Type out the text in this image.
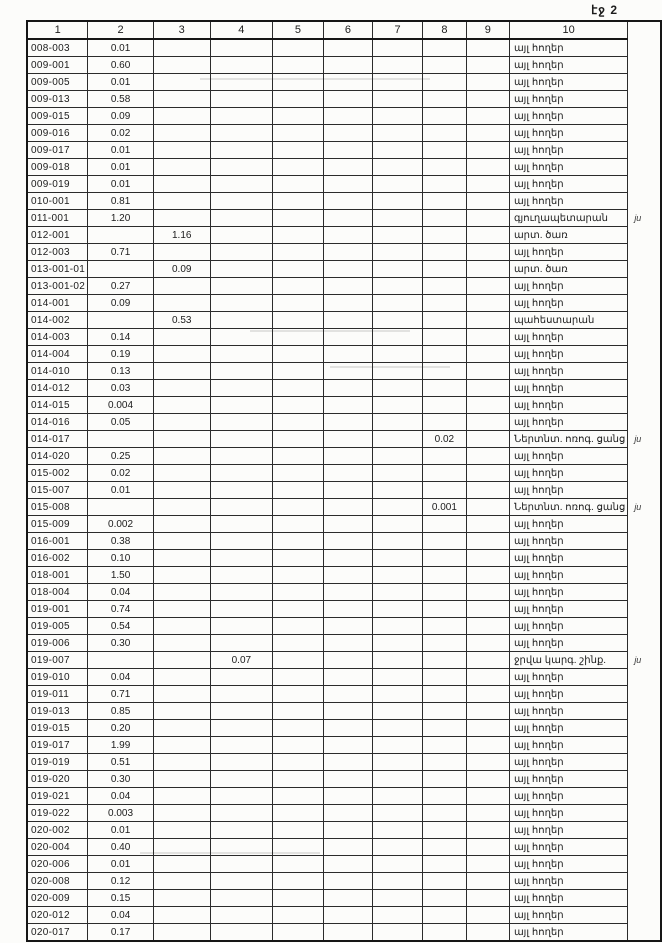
էջ 2
1	2	3	4	5	6	7	8	9	10	
008-003	0.01								այլ հողեր	
009-001	0.60								այլ հողեր	
009-005	0.01								այլ հողեր	
009-013	0.58								այլ հողեր	
009-015	0.09								այլ հողեր	
009-016	0.02								այլ հողեր	
009-017	0.01								այլ հողեր	
009-018	0.01								այլ հողեր	
009-019	0.01								այլ հողեր	
010-001	0.81								այլ հողեր	
011-001	1.20								գյուղապետարան	ju
012-001		1.16							արտ. ծառ	
012-003	0.71								այլ հողեր	
013-001-01		0.09							արտ. ծառ	
013-001-02	0.27								այլ հողեր	
014-001	0.09								այլ հողեր	
014-002		0.53							պահեստարան	
014-003	0.14								այլ հողեր	
014-004	0.19								այլ հողեր	
014-010	0.13								այլ հողեր	
014-012	0.03								այլ հողեր	
014-015	0.004								այլ հողեր	
014-016	0.05								այլ հողեր	
014-017							0.02		Ներտնտ. ոռոգ. ցանց	ju
014-020	0.25								այլ հողեր	
015-002	0.02								այլ հողեր	
015-007	0.01								այլ հողեր	
015-008							0.001		Ներտնտ. ոռոգ. ցանց	ju
015-009	0.002								այլ հողեր	
016-001	0.38								այլ հողեր	
016-002	0.10								այլ հողեր	
018-001	1.50								այլ հողեր	
018-004	0.04								այլ հողեր	
019-001	0.74								այլ հողեր	
019-005	0.54								այլ հողեր	
019-006	0.30								այլ հողեր	
019-007			0.07						ջրվա կարգ. շինք.	ju
019-010	0.04								այլ հողեր	
019-011	0.71								այլ հողեր	
019-013	0.85								այլ հողեր	
019-015	0.20								այլ հողեր	
019-017	1.99								այլ հողեր	
019-019	0.51								այլ հողեր	
019-020	0.30								այլ հողեր	
019-021	0.04								այլ հողեր	
019-022	0.003								այլ հողեր	
020-002	0.01								այլ հողեր	
020-004	0.40								այլ հողեր	
020-006	0.01								այլ հողեր	
020-008	0.12								այլ հողեր	
020-009	0.15								այլ հողեր	
020-012	0.04								այլ հողեր	
020-017	0.17								այլ հողեր	
